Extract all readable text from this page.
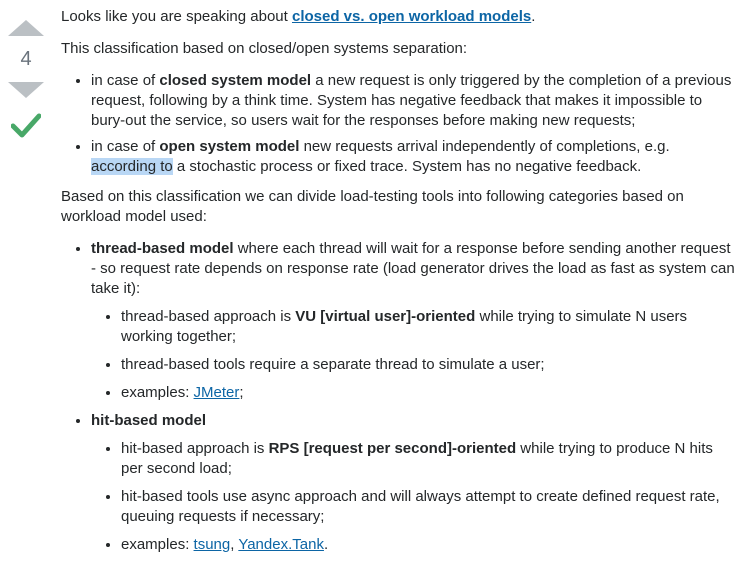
4

Looks like you are speaking about closed vs. open workload models.

This classification based on closed/open systems separation:

• in case of closed system model a new request is only triggered by the completion of a previous request, following by a think time. System has negative feedback that makes it impossible to bury-out the service, so users wait for the responses before making new requests;
• in case of open system model new requests arrival independently of completions, e.g. according to a stochastic process or fixed trace. System has no negative feedback.

Based on this classification we can divide load-testing tools into following categories based on workload model used:

• thread-based model where each thread will wait for a response before sending another request - so request rate depends on response rate (load generator drives the load as fast as system can take it):
• thread-based approach is VU [virtual user]-oriented while trying to simulate N users working together;
• thread-based tools require a separate thread to simulate a user;
• examples: JMeter;
• hit-based model
• hit-based approach is RPS [request per second]-oriented while trying to produce N hits per second load;
• hit-based tools use async approach and will always attempt to create defined request rate, queuing requests if necessary;
• examples: tsung, Yandex.Tank.
